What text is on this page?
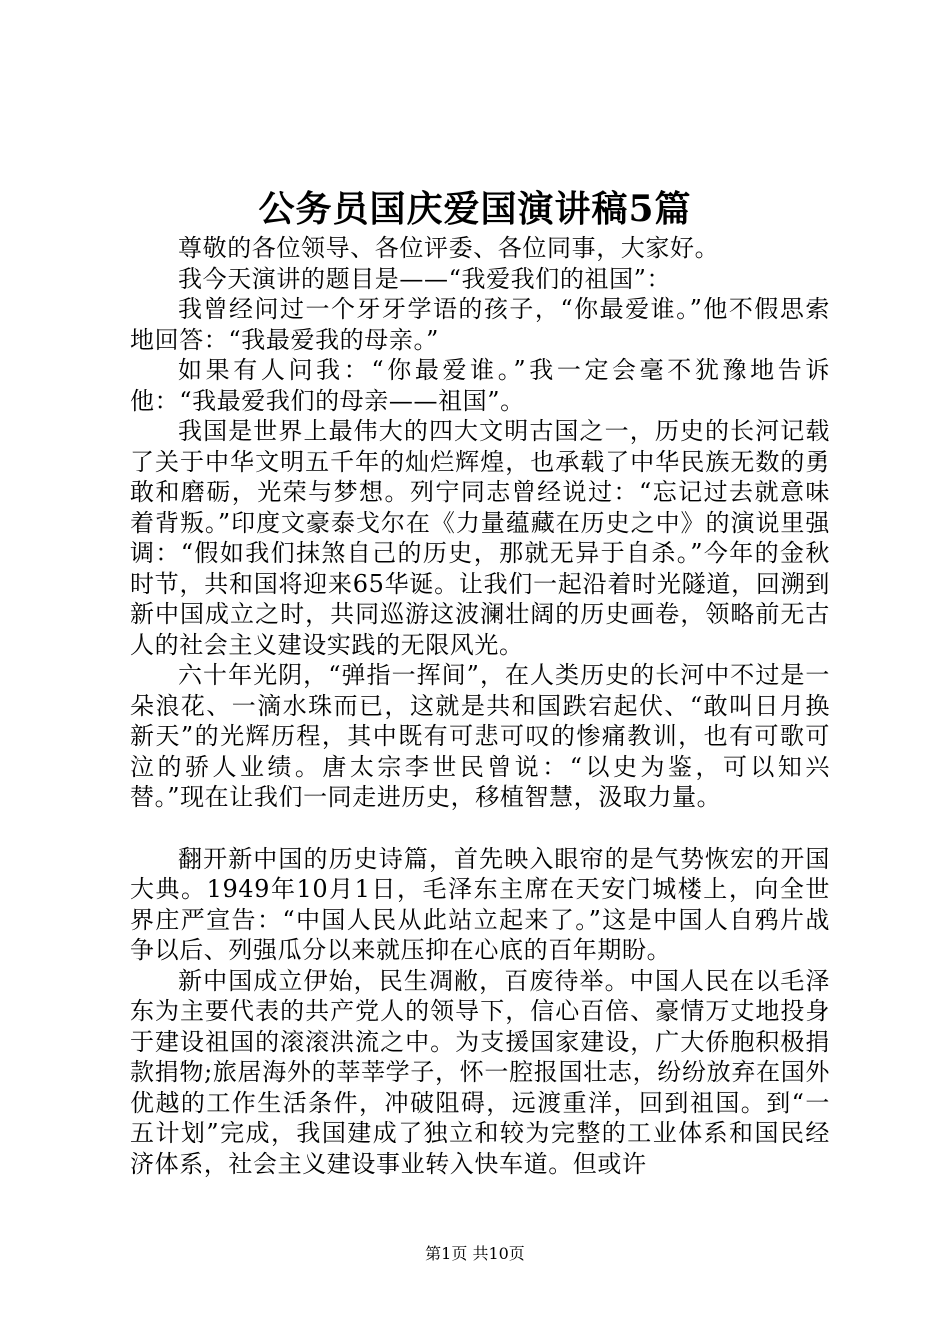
公务员国庆爱国演讲稿5篇

尊敬的各位领导、各位评委、各位同事，大家好。

我今天演讲的题目是——“我爱我们的祖国”：

我曾经问过一个牙牙学语的孩子，“你最爱谁。”他不假思索地回答：“我最爱我的母亲。”

如果有人问我：“你最爱谁。”我一定会毫不犹豫地告诉他：“我最爱我们的母亲——祖国”。

我国是世界上最伟大的四大文明古国之一，历史的长河记载了关于中华文明五千年的灿烂辉煌，也承载了中华民族无数的勇敢和磨砺，光荣与梦想。列宁同志曾经说过：“忘记过去就意味着背叛。”印度文豪泰戈尔在《力量蕴藏在历史之中》的演说里强调：“假如我们抹煞自己的历史，那就无异于自杀。”今年的金秋时节，共和国将迎来65华诞。让我们一起沿着时光隧道，回溯到新中国成立之时，共同巡游这波澜壮阔的历史画卷，领略前无古人的社会主义建设实践的无限风光。

六十年光阴，“弹指一挥间”，在人类历史的长河中不过是一朵浪花、一滴水珠而已，这就是共和国跌宕起伏、“敢叫日月换新天”的光辉历程，其中既有可悲可叹的惨痛教训，也有可歌可泣的骄人业绩。唐太宗李世民曾说：“以史为鉴，可以知兴替。”现在让我们一同走进历史，移植智慧，汲取力量。

翻开新中国的历史诗篇，首先映入眼帘的是气势恢宏的开国大典。1949年10月1日，毛泽东主席在天安门城楼上，向全世界庄严宣告：“中国人民从此站立起来了。”这是中国人自鸦片战争以后、列强瓜分以来就压抑在心底的百年期盼。

新中国成立伊始，民生凋敝，百废待举。中国人民在以毛泽东为主要代表的共产党人的领导下，信心百倍、豪情万丈地投身于建设祖国的滚滚洪流之中。为支援国家建设，广大侨胞积极捐款捐物;旅居海外的莘莘学子，怀一腔报国壮志，纷纷放弃在国外优越的工作生活条件，冲破阻碍，远渡重洋，回到祖国。到“一五计划”完成，我国建成了独立和较为完整的工业体系和国民经济体系，社会主义建设事业转入快车道。但或许

第1页 共10页
